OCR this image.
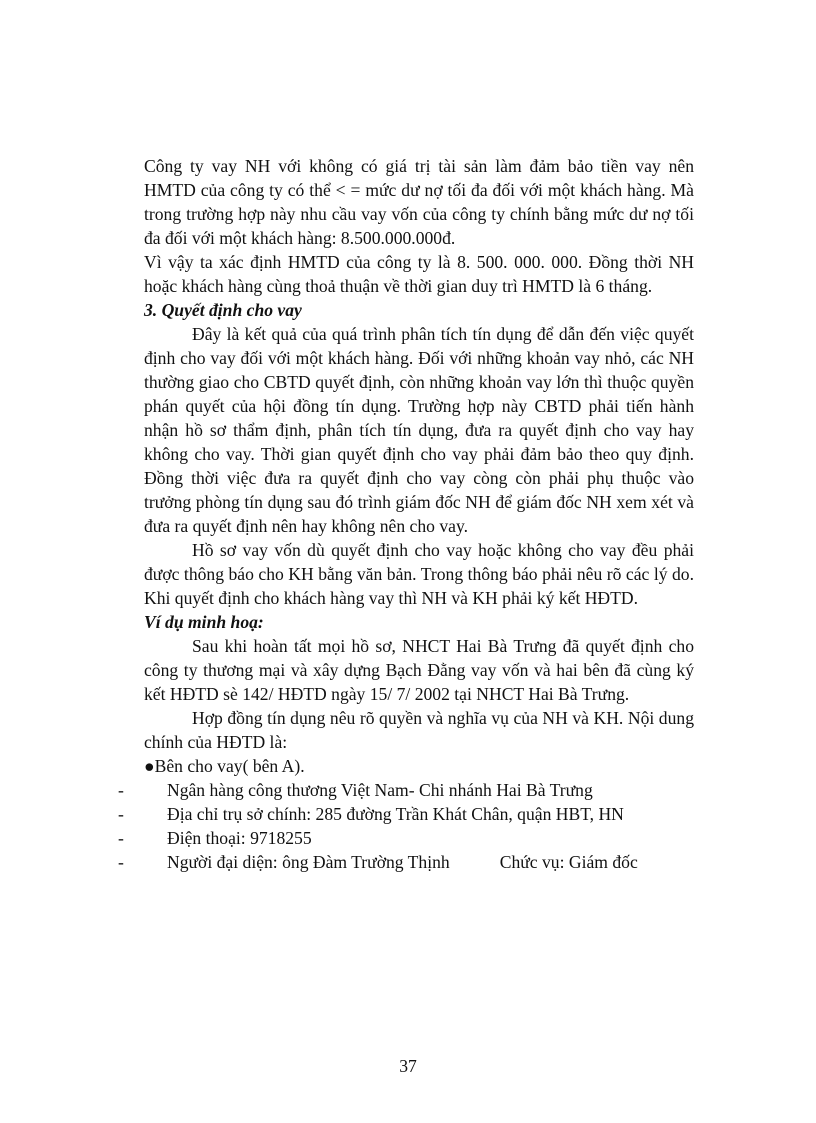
Công ty vay NH với không có giá trị tài sản làm đảm bảo tiền vay nên HMTD của công ty có thể < = mức dư nợ tối đa đối với một khách hàng. Mà trong trường hợp này nhu cầu vay vốn của công ty chính bằng mức dư nợ tối đa đối với một khách hàng: 8.500.000.000đ.

Vì vậy ta xác định HMTD của công ty là 8. 500. 000. 000. Đồng thời NH hoặc khách hàng cùng thoả thuận về thời gian duy trì HMTD là 6 tháng.

3. Quyết định cho vay

Đây là kết quả của quá trình phân tích tín dụng để dẫn đến việc quyết định cho vay đối với một khách hàng. Đối với những khoản vay nhỏ, các NH thường giao cho CBTD quyết định, còn những khoản vay lớn thì thuộc quyền phán quyết của hội đồng tín dụng. Trường hợp này CBTD phải tiến hành nhận hồ sơ thẩm định, phân tích tín dụng, đưa ra quyết định cho vay hay không cho vay. Thời gian quyết định cho vay phải đảm bảo theo quy định. Đồng thời việc đưa ra quyết định cho vay còng còn phải phụ thuộc vào trưởng phòng tín dụng sau đó trình giám đốc NH để giám đốc NH xem xét và đưa ra quyết định nên hay không nên cho vay.

Hồ sơ vay vốn dù quyết định cho vay hoặc không cho vay đều phải được thông báo cho KH bằng văn bản. Trong thông báo phải nêu rõ các lý do. Khi quyết định cho khách hàng vay thì NH và KH phải ký kết HĐTD.

Ví dụ minh hoạ:

Sau khi hoàn tất mọi hồ sơ, NHCT Hai Bà Trưng đã quyết định cho công ty thương mại và xây dựng Bạch Đằng vay vốn và hai bên đã cùng ký kết HĐTD sè 142/ HĐTD ngày 15/ 7/ 2002 tại NHCT Hai Bà Trưng.

Hợp đồng tín dụng nêu rõ quyền và nghĩa vụ của NH và KH. Nội dung chính của HĐTD là:

●Bên cho vay( bên A).

- Ngân hàng công thương Việt Nam- Chi nhánh Hai Bà Trưng
- Địa chỉ trụ sở chính: 285 đường Trần Khát Chân, quận HBT, HN
- Điện thoại: 9718255
- Người đại diện: ông Đàm Trường Thịnh	Chức vụ: Giám đốc
37
